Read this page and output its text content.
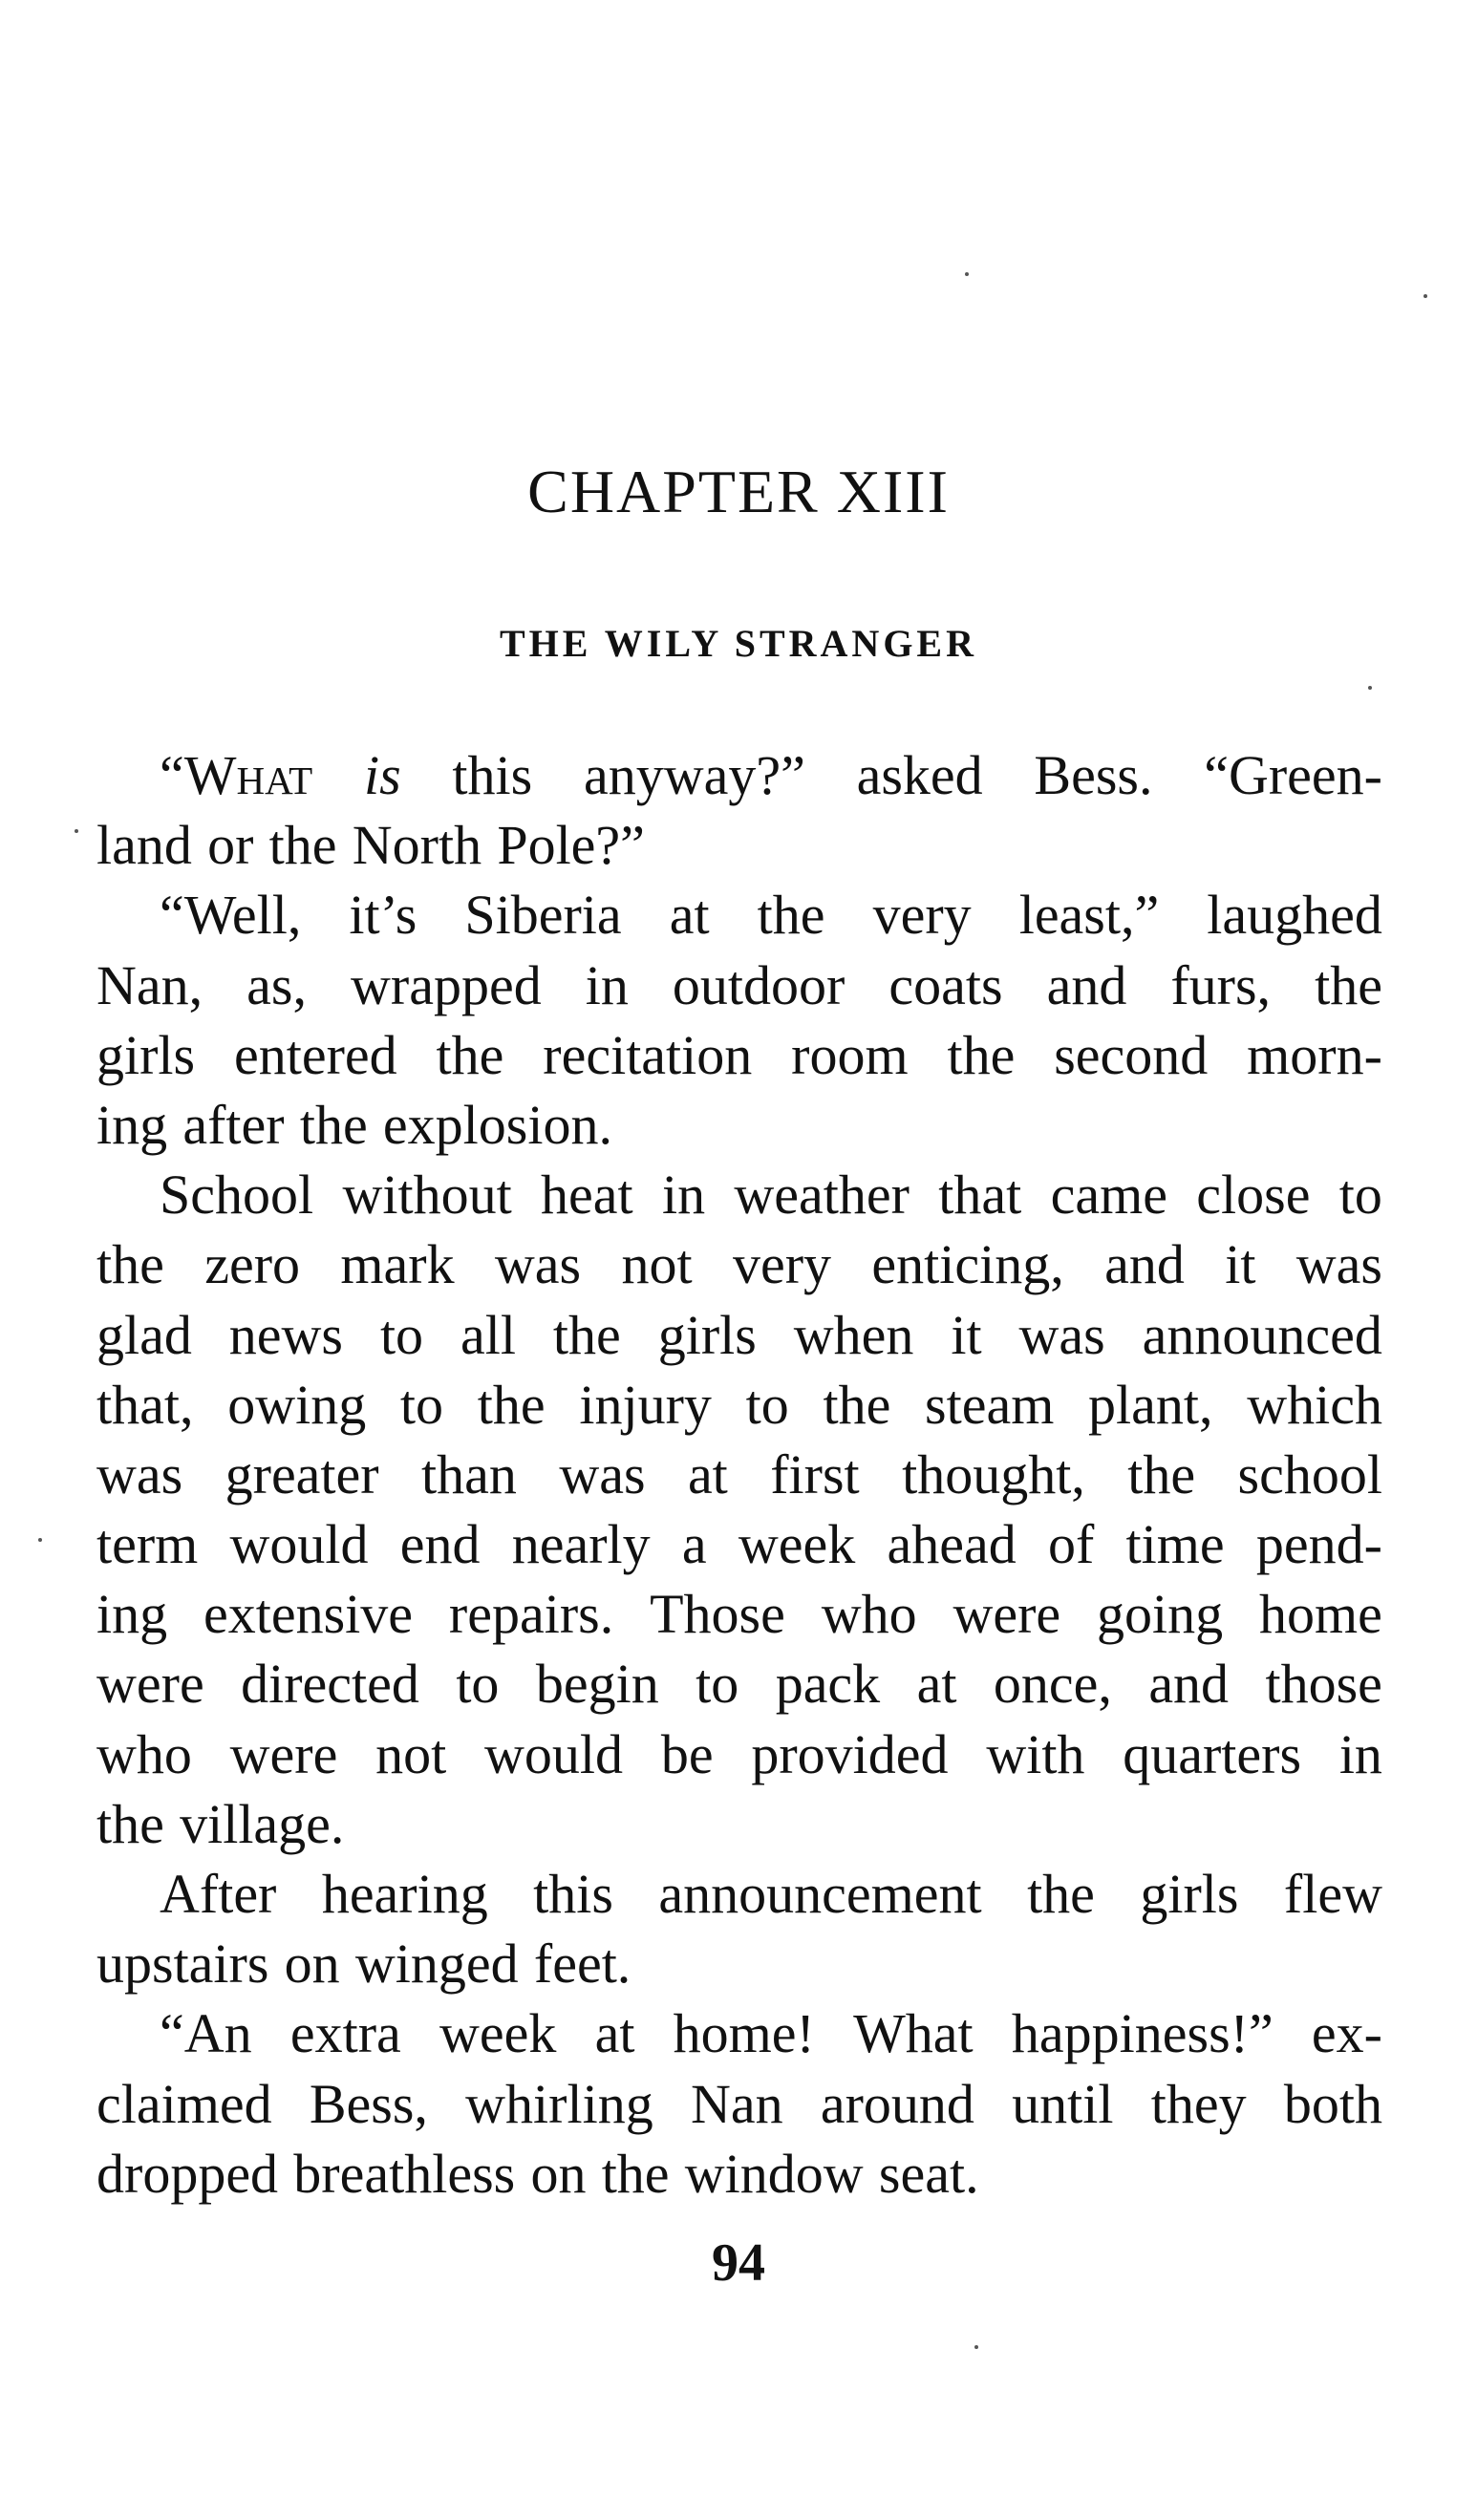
CHAPTER XIII
THE WILY STRANGER
“What is this anyway?” asked Bess. “Green-
land or the North Pole?”
“Well, it’s Siberia at the very least,” laughed
Nan, as, wrapped in outdoor coats and furs, the
girls entered the recitation room the second morn-
ing after the explosion.
School without heat in weather that came close to
the zero mark was not very enticing, and it was
glad news to all the girls when it was announced
that, owing to the injury to the steam plant, which
was greater than was at first thought, the school
term would end nearly a week ahead of time pend-
ing extensive repairs. Those who were going home
were directed to begin to pack at once, and those
who were not would be provided with quarters in
the village.
After hearing this announcement the girls flew
upstairs on winged feet.
“An extra week at home! What happiness!” ex-
claimed Bess, whirling Nan around until they both
dropped breathless on the window seat.
94
